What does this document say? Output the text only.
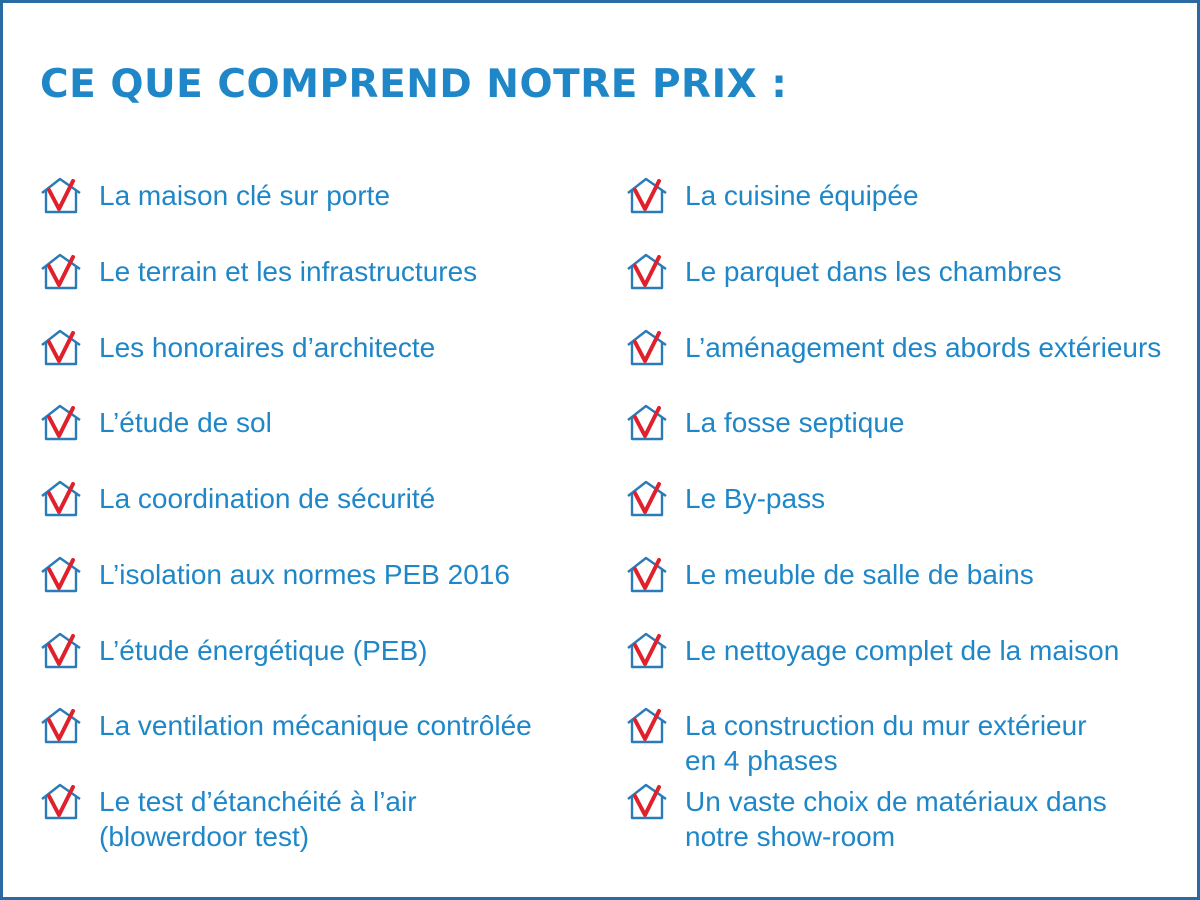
CE QUE COMPREND NOTRE PRIX :
La maison clé sur porte
Le terrain et les infrastructures
Les honoraires d’architecte
L’étude de sol
La coordination de sécurité
L’isolation aux normes PEB 2016
L’étude énergétique (PEB)
La ventilation mécanique contrôlée
Le test d’étanchéité à l’air
(blowerdoor test)
La cuisine équipée
Le parquet dans les chambres
L’aménagement des abords extérieurs
La fosse septique
Le By-pass
Le meuble de salle de bains
Le nettoyage complet de la maison
La construction du mur extérieur
en 4 phases
Un vaste choix de matériaux dans
notre show-room
